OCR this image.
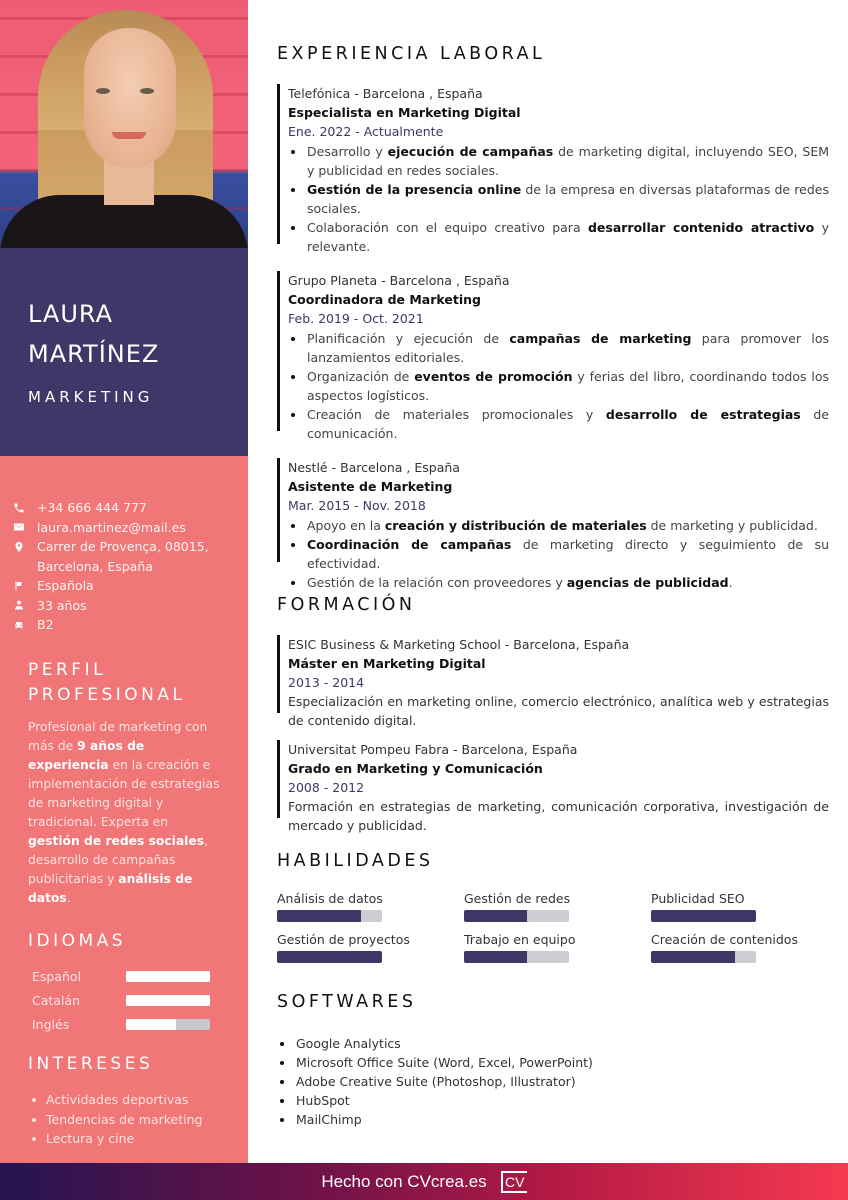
LAURA
MARTÍNEZ
MARKETING
+34 666 444 777
laura.martinez@mail.es
Carrer de Provença, 08015, Barcelona, España
Española
33 años
B2
PERFIL
PROFESIONAL
Profesional de marketing con más de 9 años de experiencia en la creación e implementación de estrategias de marketing digital y tradicional. Experta en gestión de redes sociales, desarrollo de campañas publicitarias y análisis de datos.
IDIOMAS
Español
Catalán
Inglés
INTERESES
Actividades deportivas
Tendencias de marketing
Lectura y cine
EXPERIENCIA LABORAL
Telefónica - Barcelona , España
Especialista en Marketing Digital
Ene. 2022 - Actualmente
Desarrollo y ejecución de campañas de marketing digital, incluyendo SEO, SEM y publicidad en redes sociales.
Gestión de la presencia online de la empresa en diversas plataformas de redes sociales.
Colaboración con el equipo creativo para desarrollar contenido atractivo y relevante.
Grupo Planeta - Barcelona , España
Coordinadora de Marketing
Feb. 2019 - Oct. 2021
Planificación y ejecución de campañas de marketing para promover los lanzamientos editoriales.
Organización de eventos de promoción y ferias del libro, coordinando todos los aspectos logísticos.
Creación de materiales promocionales y desarrollo de estrategias de comunicación.
Nestlé - Barcelona , España
Asistente de Marketing
Mar. 2015 - Nov. 2018
Apoyo en la creación y distribución de materiales de marketing y publicidad.
Coordinación de campañas de marketing directo y seguimiento de su efectividad.
Gestión de la relación con proveedores y agencias de publicidad.
FORMACIÓN
ESIC Business & Marketing School - Barcelona, España
Máster en Marketing Digital
2013 - 2014
Especialización en marketing online, comercio electrónico, analítica web y estrategias de contenido digital.
Universitat Pompeu Fabra - Barcelona, España
Grado en Marketing y Comunicación
2008 - 2012
Formación en estrategias de marketing, comunicación corporativa, investigación de mercado y publicidad.
HABILIDADES
Análisis de datos	Gestión de redes	Publicidad SEO
Gestión de proyectos	Trabajo en equipo	Creación de contenidos
SOFTWARES
Google Analytics
Microsoft Office Suite (Word, Excel, PowerPoint)
Adobe Creative Suite (Photoshop, Illustrator)
HubSpot
MailChimp
Hecho con CVcrea.es	CV
